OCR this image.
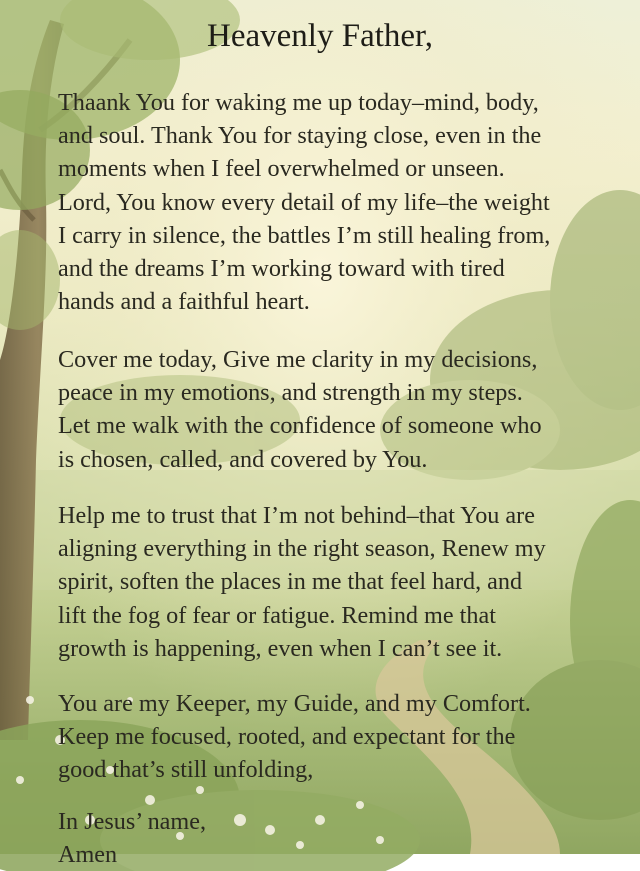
Heavenly Father,

Thaank You for waking me up today–mind, body,
and soul. Thank You for staying close, even in the
moments when I feel overwhelmed or unseen.
Lord, You know every detail of my life–the weight
I carry in silence, the battles I’m still healing from,
and the dreams I’m working toward with tired
hands and a faithful heart.

Cover me today, Give me clarity in my decisions,
peace in my emotions, and strength in my steps.
Let me walk with the confidence of someone who
is chosen, called, and covered by You.

Help me to trust that I’m not behind–that You are
aligning everything in the right season, Renew my
spirit, soften the places in me that feel hard, and
lift the fog of fear or fatigue. Remind me that
growth is happening, even when I can’t see it.

You are my Keeper, my Guide, and my Comfort.
Keep me focused, rooted, and expectant for the
good that’s still unfolding,

In Jesus’ name,
Amen
